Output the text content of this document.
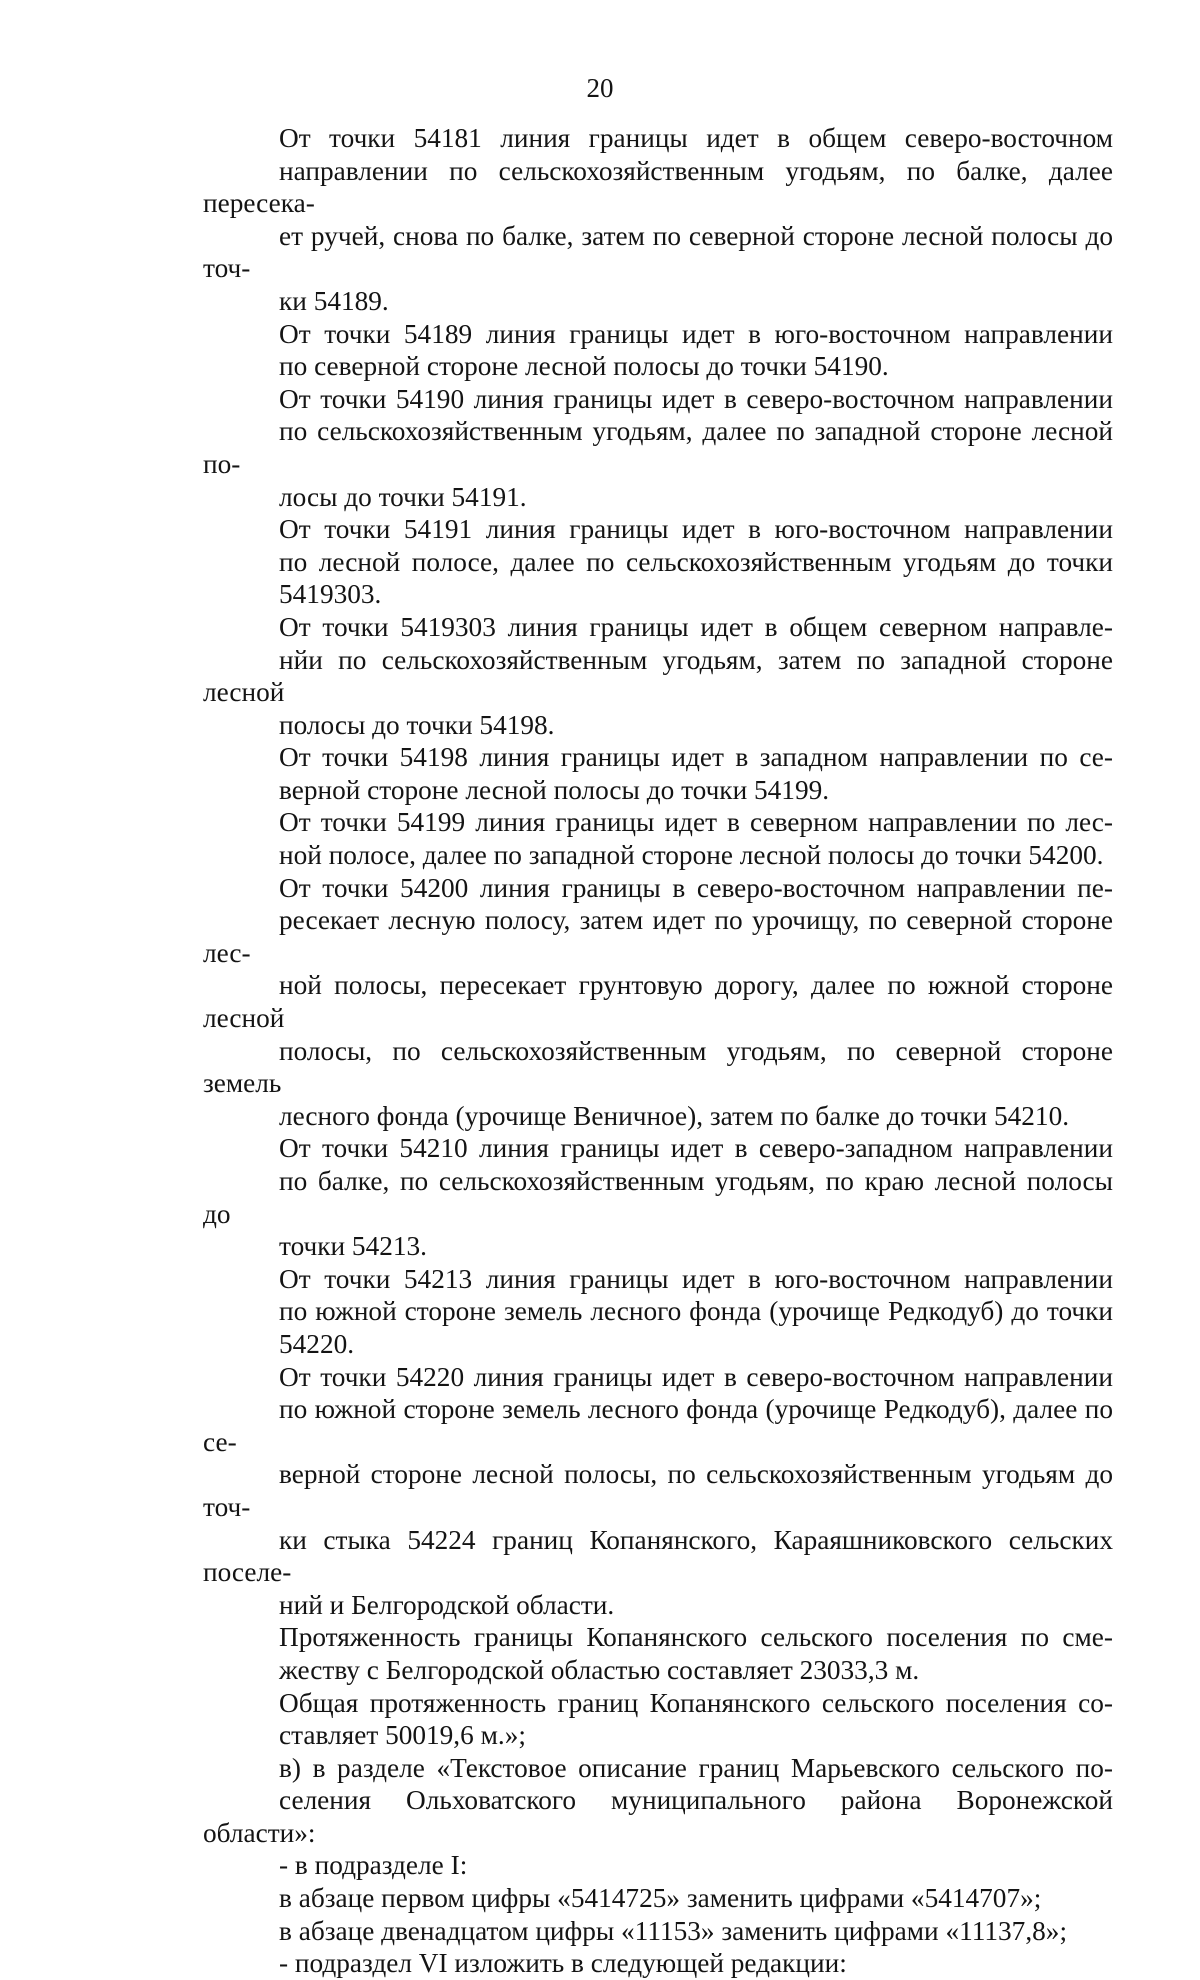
20

От точки 54181 линия границы идет в общем северо-восточном
направлении по сельскохозяйственным угодьям, по балке, далее пересека-
ет ручей, снова по балке, затем по северной стороне лесной полосы до точ-
ки 54189.

От точки 54189 линия границы идет в юго-восточном направлении
по северной стороне лесной полосы до точки 54190.

От точки 54190 линия границы идет в северо-восточном направлении
по сельскохозяйственным угодьям, далее по западной стороне лесной по-
лосы до точки 54191.

От точки 54191 линия границы идет в юго-восточном направлении
по лесной полосе, далее по сельскохозяйственным угодьям до точки
5419303.

От точки 5419303 линия границы идет в общем северном направле-
нйи по сельскохозяйственным угодьям, затем по западной стороне лесной
полосы до точки 54198.

От точки 54198 линия границы идет в западном направлении по се-
верной стороне лесной полосы до точки 54199.

От точки 54199 линия границы идет в северном направлении по лес-
ной полосе, далее по западной стороне лесной полосы до точки 54200.

От точки 54200 линия границы в северо-восточном направлении пе-
ресекает лесную полосу, затем идет по урочищу, по северной стороне лес-
ной полосы, пересекает грунтовую дорогу, далее по южной стороне лесной
полосы, по сельскохозяйственным угодьям, по северной стороне земель
лесного фонда (урочище Веничное), затем по балке до точки 54210.

От точки 54210 линия границы идет в северо-западном направлении
по балке, по сельскохозяйственным угодьям, по краю лесной полосы до
точки 54213.

От точки 54213 линия границы идет в юго-восточном направлении
по южной стороне земель лесного фонда (урочище Редкодуб) до точки
54220.

От точки 54220 линия границы идет в северо-восточном направлении
по южной стороне земель лесного фонда (урочище Редкодуб), далее по се-
верной стороне лесной полосы, по сельскохозяйственным угодьям до точ-
ки стыка 54224 границ Копанянского, Караяшниковского сельских поселе-
ний и Белгородской области.

Протяженность границы Копанянского сельского поселения по сме-
жеству с Белгородской областью составляет 23033,3 м.

Общая протяженность границ Копанянского сельского поселения со-
ставляет 50019,6 м.»;

в) в разделе «Текстовое описание границ Марьевского сельского по-
селения Ольховатского муниципального района Воронежской области»:

- в подразделе I:

в абзаце первом цифры «5414725» заменить цифрами «5414707»;

в абзаце двенадцатом цифры «11153» заменить цифрами «11137,8»;

- подраздел VI изложить в следующей редакции:
